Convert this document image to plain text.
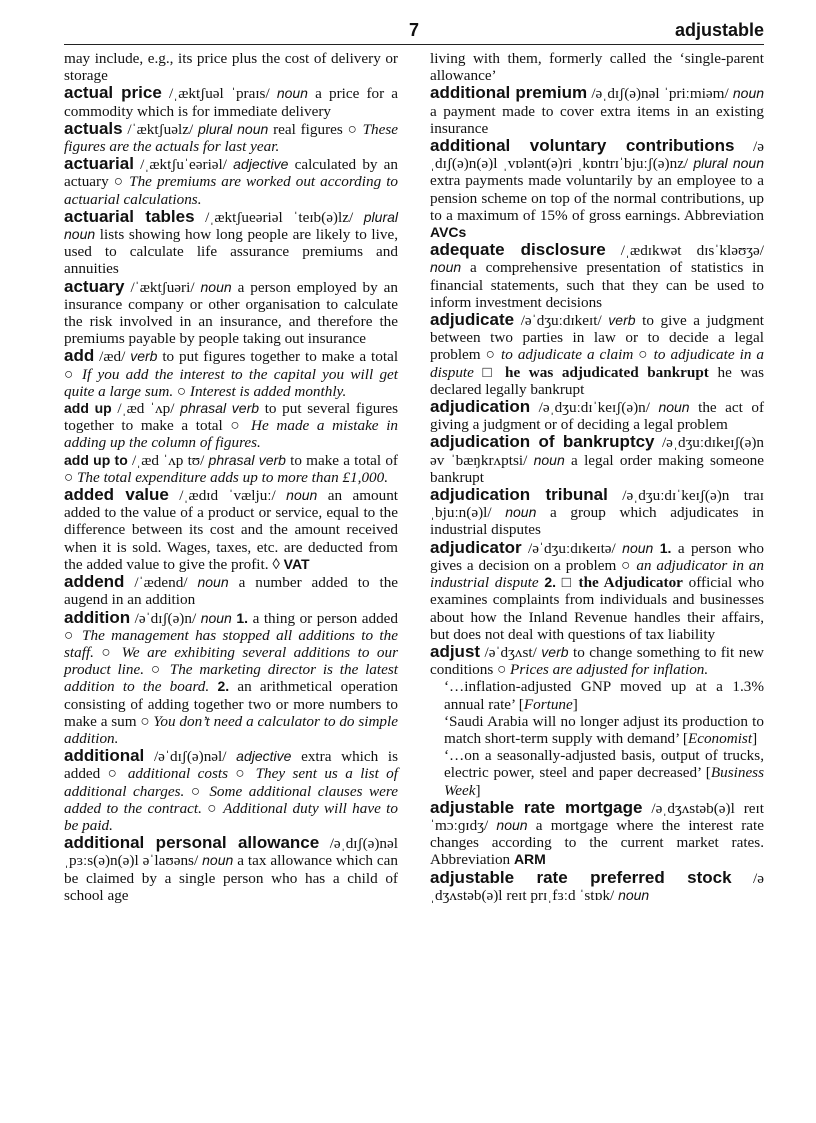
7	adjustable

may include, e.g., its price plus the cost of delivery or storage

actual price /ˌæktʃuəl ˈpraɪs/ noun a price for a commodity which is for immediate delivery

actuals /ˈæktʃuəlz/ plural noun real figures ○ These figures are the actuals for last year.

actuarial /ˌæktʃuˈeəriəl/ adjective calculated by an actuary ○ The premiums are worked out according to actuarial calculations.

actuarial tables /ˌæktʃueəriəl ˈteɪb(ə)lz/ plural noun lists showing how long people are likely to live, used to calculate life assurance premiums and annuities

actuary /ˈæktʃuəri/ noun a person employed by an insurance company or other organisation to calculate the risk involved in an insurance, and therefore the premiums payable by people taking out insurance

add /æd/ verb to put figures together to make a total ○ If you add the interest to the capital you will get quite a large sum. ○ Interest is added monthly.

add up /ˌæd ˈʌp/ phrasal verb to put several figures together to make a total ○ He made a mistake in adding up the column of figures.

add up to /ˌæd ˈʌp tʊ/ phrasal verb to make a total of ○ The total expenditure adds up to more than £1,000.

added value /ˌædɪd ˈvæljuː/ noun an amount added to the value of a product or service, equal to the difference between its cost and the amount received when it is sold. Wages, taxes, etc. are deducted from the added value to give the profit. ◊ VAT

addend /ˈædend/ noun a number added to the augend in an addition

addition /əˈdɪʃ(ə)n/ noun 1. a thing or person added ○ The management has stopped all additions to the staff. ○ We are exhibiting several additions to our product line. ○ The marketing director is the latest addition to the board. 2. an arithmetical operation consisting of adding together two or more numbers to make a sum ○ You don’t need a calculator to do simple addition.

additional /əˈdɪʃ(ə)nəl/ adjective extra which is added ○ additional costs ○ They sent us a list of additional charges. ○ Some additional clauses were added to the contract. ○ Additional duty will have to be paid.

additional personal allowance /əˌdɪʃ(ə)nəl ˌpɜːs(ə)n(ə)l əˈlaʊəns/ noun a tax allowance which can be claimed by a single person who has a child of school age

living with them, formerly called the ‘single-parent allowance’

additional premium /əˌdɪʃ(ə)nəl ˈpriːmiəm/ noun a payment made to cover extra items in an existing insurance

additional voluntary contributions /əˌdɪʃ(ə)n(ə)l ˌvɒlənt(ə)ri ˌkɒntrɪˈbjuːʃ(ə)nz/ plural noun extra payments made voluntarily by an employee to a pension scheme on top of the normal contributions, up to a maximum of 15% of gross earnings. Abbreviation AVCs

adequate disclosure /ˌædɪkwət dɪsˈkləʊʒə/ noun a comprehensive presentation of statistics in financial statements, such that they can be used to inform investment decisions

adjudicate /əˈdʒuːdɪkeɪt/ verb to give a judgment between two parties in law or to decide a legal problem ○ to adjudicate a claim ○ to adjudicate in a dispute □ he was adjudicated bankrupt he was declared legally bankrupt

adjudication /əˌdʒuːdɪˈkeɪʃ(ə)n/ noun the act of giving a judgment or of deciding a legal problem

adjudication of bankruptcy /əˌdʒuːdɪkeɪʃ(ə)n əv ˈbæŋkrʌptsi/ noun a legal order making someone bankrupt

adjudication tribunal /əˌdʒuːdɪˈkeɪʃ(ə)n traɪˌbjuːn(ə)l/ noun a group which adjudicates in industrial disputes

adjudicator /əˈdʒuːdɪkeɪtə/ noun 1. a person who gives a decision on a problem ○ an adjudicator in an industrial dispute 2. □ the Adjudicator official who examines complaints from individuals and businesses about how the Inland Revenue handles their affairs, but does not deal with questions of tax liability

adjust /əˈdʒʌst/ verb to change something to fit new conditions ○ Prices are adjusted for inflation.

‘…inflation-adjusted GNP moved up at a 1.3% annual rate’ [Fortune]

‘Saudi Arabia will no longer adjust its production to match short-term supply with demand’ [Economist]

‘…on a seasonally-adjusted basis, output of trucks, electric power, steel and paper decreased’ [Business Week]

adjustable rate mortgage /əˌdʒʌstəb(ə)l reɪt ˈmɔːɡɪdʒ/ noun a mortgage where the interest rate changes according to the current market rates. Abbreviation ARM

adjustable rate preferred stock /əˌdʒʌstəb(ə)l reɪt prɪˌfɜːd ˈstɒk/ noun
